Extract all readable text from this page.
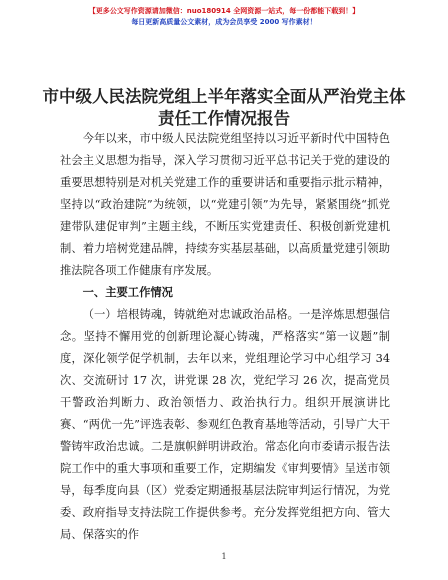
【更多公文写作资源请加微信：nuo180914 全网资源一站式，每一份都能下载到！】
每日更新高质量公文素材，成为会员享受 2000 写作素材！
市中级人民法院党组上半年落实全面从严治党主体责任工作情况报告

今年以来，市中级人民法院党组坚持以习近平新时代中国特色社会主义思想为指导，深入学习贯彻习近平总书记关于党的建设的重要思想特别是对机关党建工作的重要讲话和重要指示批示精神，坚持以“政治建院”为统领，以“党建引领”为先导，紧紧围绕“抓党建带队建促审判”主题主线，不断压实党建责任、积极创新党建机制、着力培树党建品牌，持续夯实基层基础，以高质量党建引领助推法院各项工作健康有序发展。

一、主要工作情况

（一）培根铸魂，铸就绝对忠诚政治品格。一是淬炼思想强信念。坚持不懈用党的创新理论凝心铸魂，严格落实“第一议题”制度，深化领学促学机制，去年以来，党组理论学习中心组学习 34 次、交流研讨 17 次，讲党课 28 次，党纪学习 26 次，提高党员干警政治判断力、政治领悟力、政治执行力。组织开展演讲比赛、“两优一先”评选表彰、参观红色教育基地等活动，引导广大干警铸牢政治忠诚。二是旗帜鲜明讲政治。常态化向市委请示报告法院工作中的重大事项和重要工作，定期编发《审判要情》呈送市领导，每季度向县（区）党委定期通报基层法院审判运行情况，为党委、政府指导支持法院工作提供参考。充分发挥党组把方向、管大局、保落实的作

1
